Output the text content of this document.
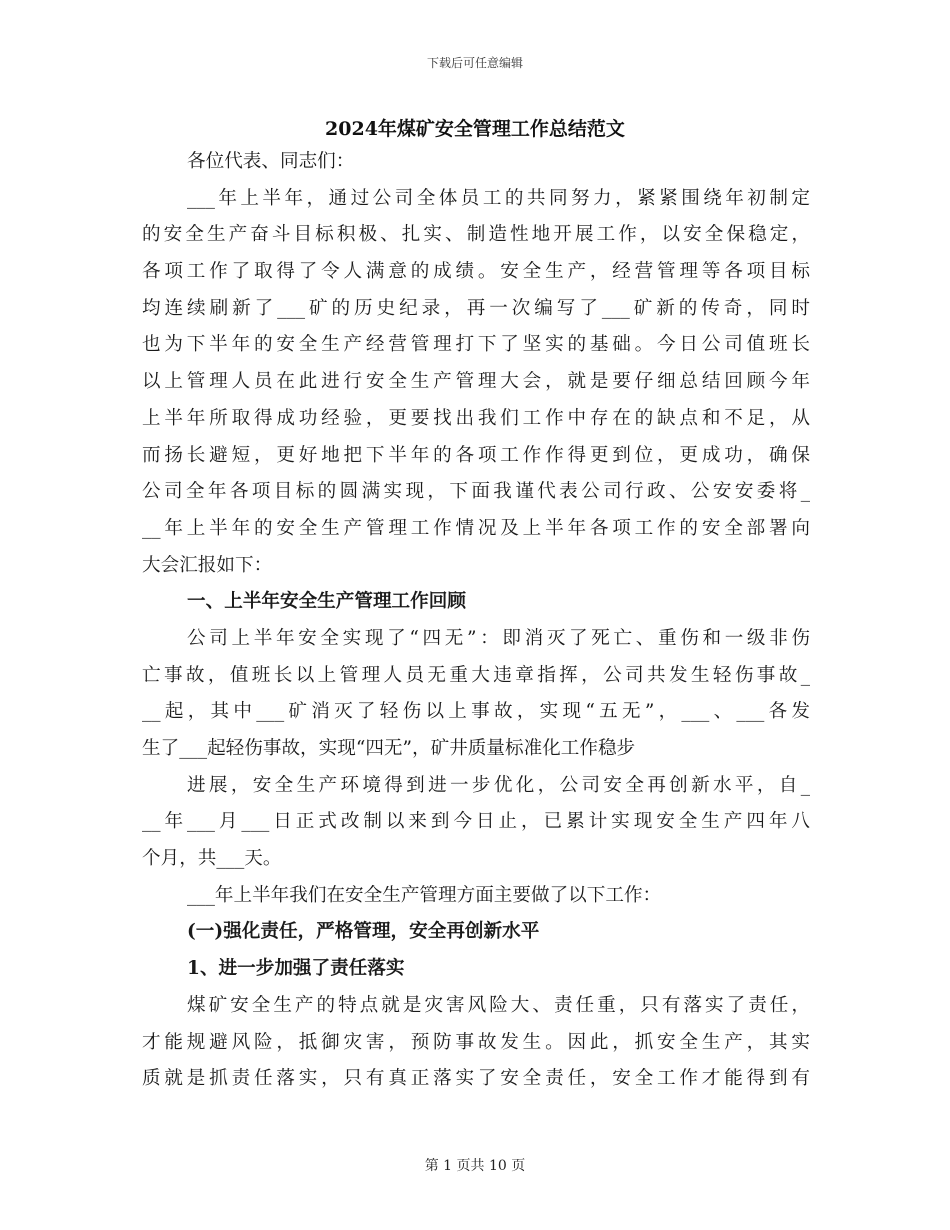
下载后可任意编辑
2024年煤矿安全管理工作总结范文
各位代表、同志们：
___年上半年，通过公司全体员工的共同努力，紧紧围绕年初制定
的安全生产奋斗目标积极、扎实、制造性地开展工作，以安全保稳定，
各项工作了取得了令人满意的成绩。安全生产，经营管理等各项目标
均连续刷新了___矿的历史纪录，再一次编写了___矿新的传奇，同时
也为下半年的安全生产经营管理打下了坚实的基础。今日公司值班长
以上管理人员在此进行安全生产管理大会，就是要仔细总结回顾今年
上半年所取得成功经验，更要找出我们工作中存在的缺点和不足，从
而扬长避短，更好地把下半年的各项工作作得更到位，更成功，确保
公司全年各项目标的圆满实现，下面我谨代表公司行政、公安安委将_
__年上半年的安全生产管理工作情况及上半年各项工作的安全部署向
大会汇报如下：
一、上半年安全生产管理工作回顾
公司上半年安全实现了“四无”：即消灭了死亡、重伤和一级非伤
亡事故，值班长以上管理人员无重大违章指挥，公司共发生轻伤事故_
__起，其中___矿消灭了轻伤以上事故，实现“五无”，___、___各发
生了___起轻伤事故，实现“四无”，矿井质量标准化工作稳步
进展，安全生产环境得到进一步优化，公司安全再创新水平，自_
__年___月___日正式改制以来到今日止，已累计实现安全生产四年八
个月，共___天。
___年上半年我们在安全生产管理方面主要做了以下工作：
(一)强化责任，严格管理，安全再创新水平
1、进一步加强了责任落实
煤矿安全生产的特点就是灾害风险大、责任重，只有落实了责任，
才能规避风险，抵御灾害，预防事故发生。因此，抓安全生产，其实
质就是抓责任落实，只有真正落实了安全责任，安全工作才能得到有
第 1 页共 10 页
